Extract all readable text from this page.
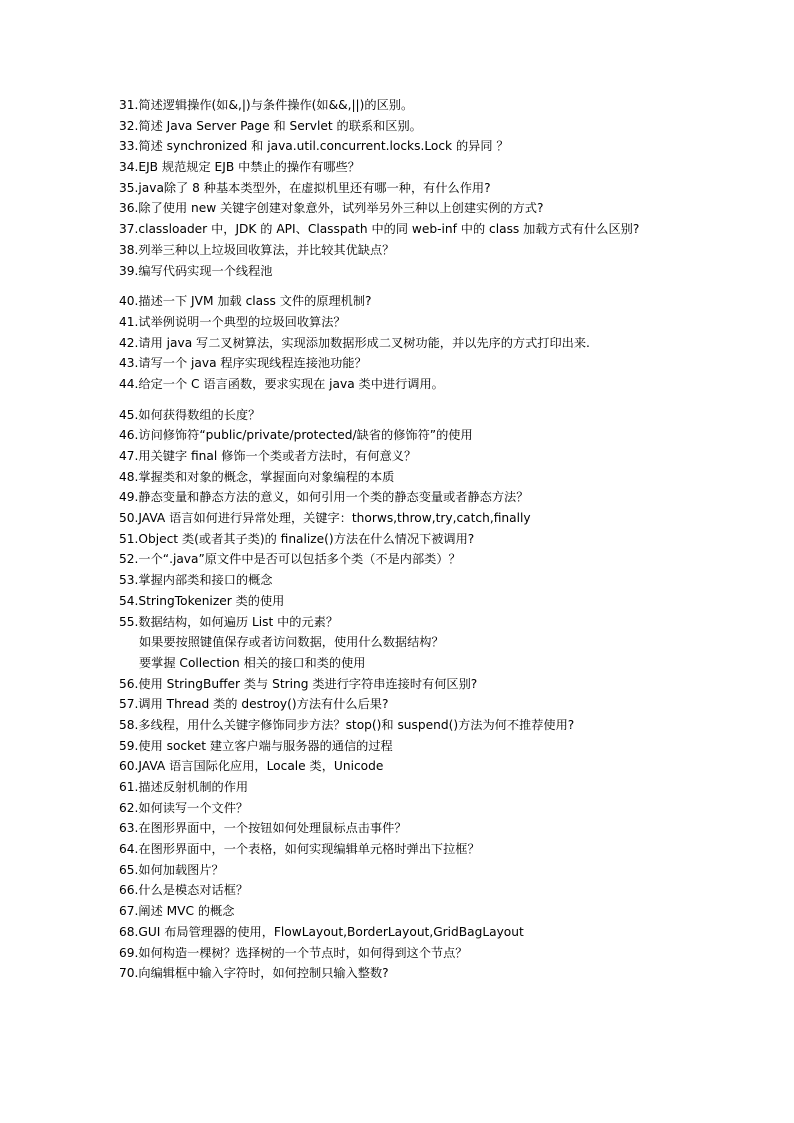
31.简述逻辑操作(如&,|)与条件操作(如&&,||)的区别。
32.简述 Java Server Page 和 Servlet 的联系和区别。
33.简述 synchronized 和 java.util.concurrent.locks.Lock 的异同 ？
34.EJB 规范规定 EJB 中禁止的操作有哪些？
35.java除了 8 种基本类型外，在虚拟机里还有哪一种，有什么作用?
36.除了使用 new 关键字创建对象意外，试列举另外三种以上创建实例的方式?
37.classloader 中，JDK 的 API、Classpath 中的同 web-inf 中的 class 加载方式有什么区别?
38.列举三种以上垃圾回收算法，并比较其优缺点？
39.编写代码实现一个线程池
40.描述一下 JVM 加载 class 文件的原理机制?
41.试举例说明一个典型的垃圾回收算法？
42.请用 java 写二叉树算法，实现添加数据形成二叉树功能，并以先序的方式打印出来.
43.请写一个 java 程序实现线程连接池功能？
44.给定一个 C 语言函数，要求实现在 java 类中进行调用。
45.如何获得数组的长度？
46.访问修饰符“public/private/protected/缺省的修饰符”的使用
47.用关键字 final 修饰一个类或者方法时，有何意义？
48.掌握类和对象的概念，掌握面向对象编程的本质
49.静态变量和静态方法的意义，如何引用一个类的静态变量或者静态方法？
50.JAVA 语言如何进行异常处理，关键字：thorws,throw,try,catch,finally
51.Object 类(或者其子类)的 finalize()方法在什么情况下被调用?
52.一个“.java”原文件中是否可以包括多个类（不是内部类）？
53.掌握内部类和接口的概念
54.StringTokenizer 类的使用
55.数据结构，如何遍历 List 中的元素？
如果要按照键值保存或者访问数据，使用什么数据结构？
要掌握 Collection 相关的接口和类的使用
56.使用 StringBuffer 类与 String 类进行字符串连接时有何区别?
57.调用 Thread 类的 destroy()方法有什么后果?
58.多线程，用什么关键字修饰同步方法？stop()和 suspend()方法为何不推荐使用?
59.使用 socket 建立客户端与服务器的通信的过程
60.JAVA 语言国际化应用，Locale 类，Unicode
61.描述反射机制的作用
62.如何读写一个文件？
63.在图形界面中，一个按钮如何处理鼠标点击事件？
64.在图形界面中，一个表格，如何实现编辑单元格时弹出下拉框？
65.如何加载图片？
66.什么是模态对话框？
67.阐述 MVC 的概念
68.GUI 布局管理器的使用，FlowLayout,BorderLayout,GridBagLayout
69.如何构造一棵树？选择树的一个节点时，如何得到这个节点？
70.向编辑框中输入字符时，如何控制只输入整数?
